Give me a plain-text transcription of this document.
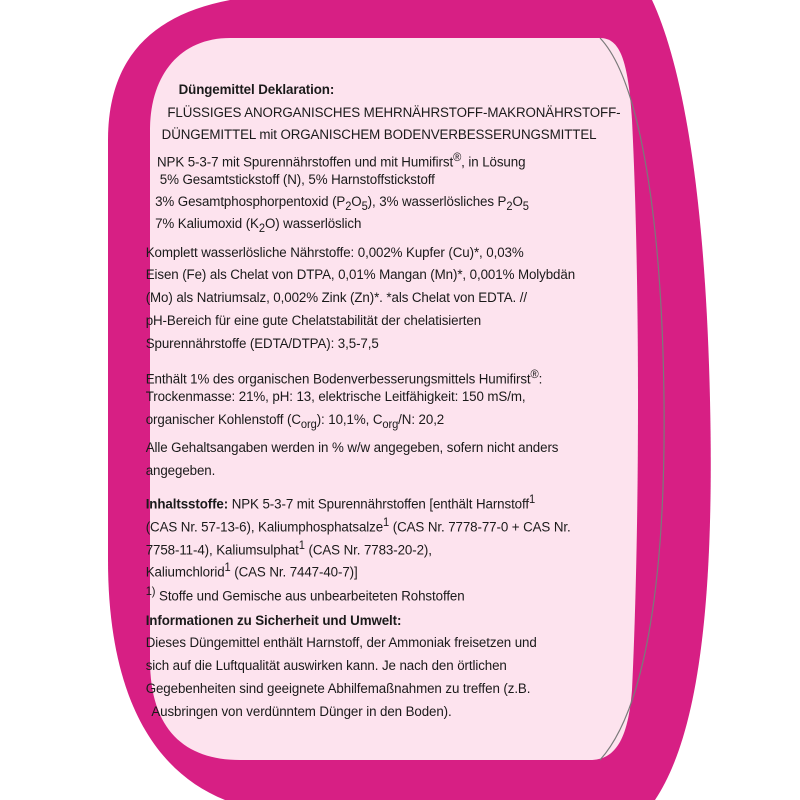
Düngemittel Deklaration:
FLÜSSIGES ANORGANISCHES MEHRNÄHRSTOFF-MAKRONÄHRSTOFF-
DÜNGEMITTEL mit ORGANISCHEM BODENVERBESSERUNGSMITTEL
NPK 5-3-7 mit Spurennährstoffen und mit Humifirst®, in Lösung
5% Gesamtstickstoff (N), 5% Harnstoffstickstoff
3% Gesamtphosphorpentoxid $(P_2O_5)$, 3% wasserlösliches $P_2O_5$
7% Kaliumoxid $(K_2O)$ wasserlöslich
Komplett wasserlösliche Nährstoffe: 0,002% Kupfer (Cu)*, 0,03%
Eisen (Fe) als Chelat von DTPA, 0,01% Mangan (Mn)*, 0,001% Molybdän
(Mo) als Natriumsalz, 0,002% Zink (Zn)*. *als Chelat von EDTA. //
pH-Bereich für eine gute Chelatstabilität der chelatisierten
Spurennährstoffe (EDTA/DTPA): 3,5-7,5
Enthält 1% des organischen Bodenverbesserungsmittels Humifirst®:
Trockenmasse: 21%, pH: 13, elektrische Leitfähigkeit: 150 mS/m,
organischer Kohlenstoff $(C_{org})$: 10,1%, $C_{org}/N$: 20,2
Alle Gehaltsangaben werden in % w/w angegeben, sofern nicht anders
angegeben.
Inhaltsstoffe: NPK 5-3-7 mit Spurennährstoffen [enthält Harnstoff$^1$
(CAS Nr. 57-13-6), Kaliumphosphatsalze$^1$ (CAS Nr. 7778-77-0 + CAS Nr.
7758-11-4), Kaliumsulphat$^1$ (CAS Nr. 7783-20-2),
Kaliumchlorid$^1$ (CAS Nr. 7447-40-7)]
$^{1)}$ Stoffe und Gemische aus unbearbeiteten Rohstoffen
Informationen zu Sicherheit und Umwelt:
Dieses Düngemittel enthält Harnstoff, der Ammoniak freisetzen und
sich auf die Luftqualität auswirken kann. Je nach den örtlichen
Gegebenheiten sind geeignete Abhilfemaßnahmen zu treffen (z.B.
Ausbringen von verdünntem Dünger in den Boden).
